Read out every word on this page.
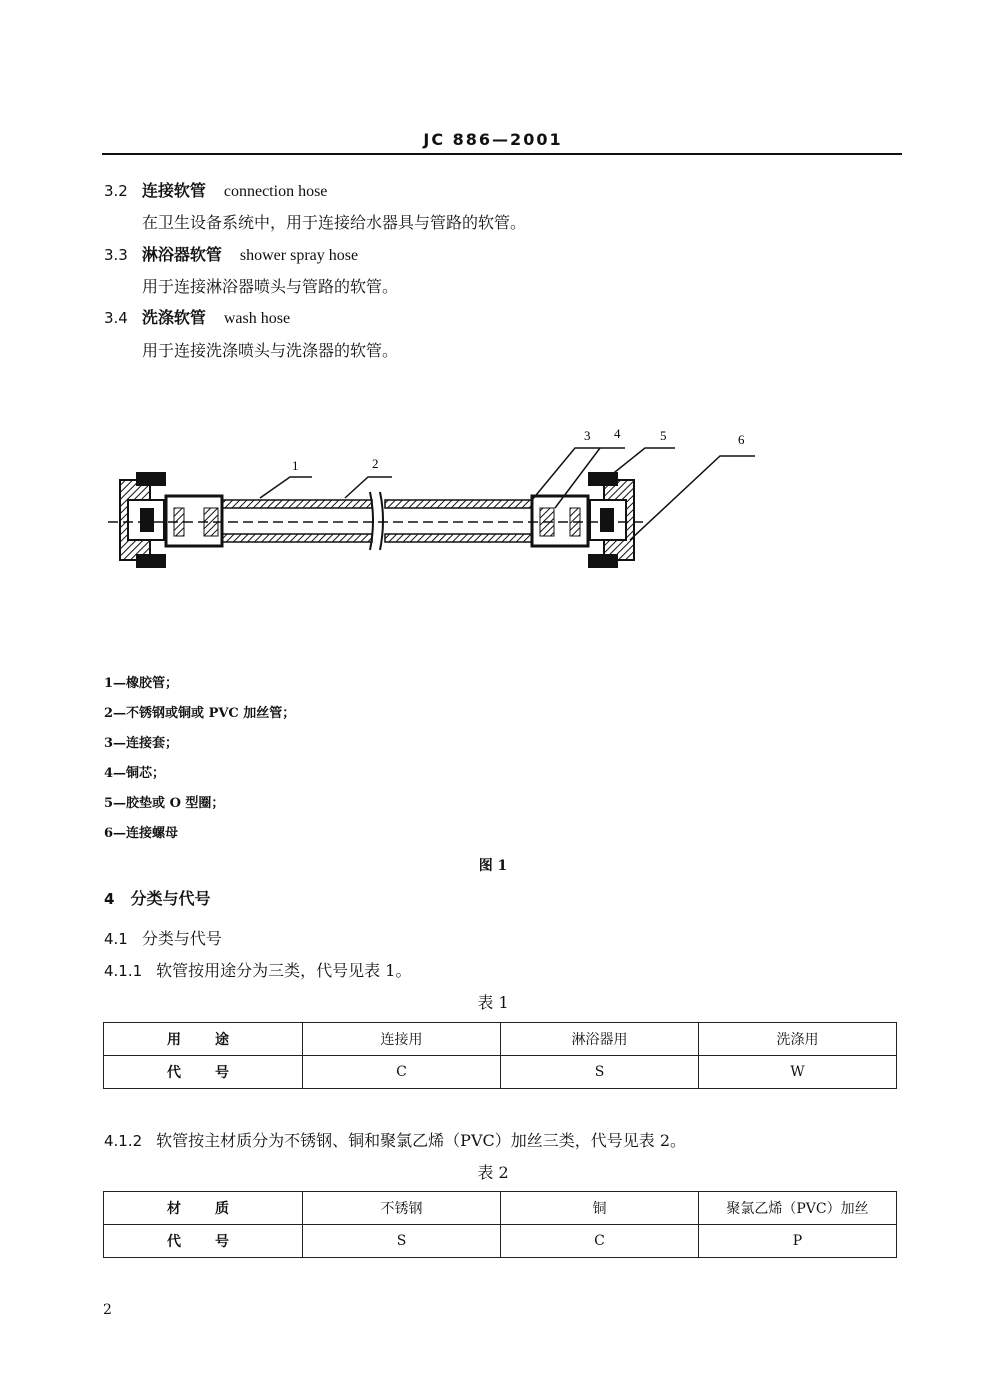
JC 886—2001
3.2 连接软管 connection hose
在卫生设备系统中，用于连接给水器具与管路的软管。
3.3 淋浴器软管 shower spray hose
用于连接淋浴器喷头与管路的软管。
3.4 洗涤软管 wash hose
用于连接洗涤喷头与洗涤器的软管。
1	2
3 4	5	6
1—橡胶管；
2—不锈钢或铜或 PVC 加丝管；
3—连接套；
4—铜芯；
5—胶垫或 O 型圈；
6—连接螺母
图 1
4 分类与代号
4.1 分类与代号
4.1.1 软管按用途分为三类，代号见表 1。
表 1
用　途	连接用	淋浴器用	洗涤用
代　号	C	S	W
4.1.2 软管按主材质分为不锈钢、铜和聚氯乙烯（PVC）加丝三类，代号见表 2。
表 2
材　质	不锈钢	铜	聚氯乙烯（PVC）加丝
代　号	S	C	P
2
